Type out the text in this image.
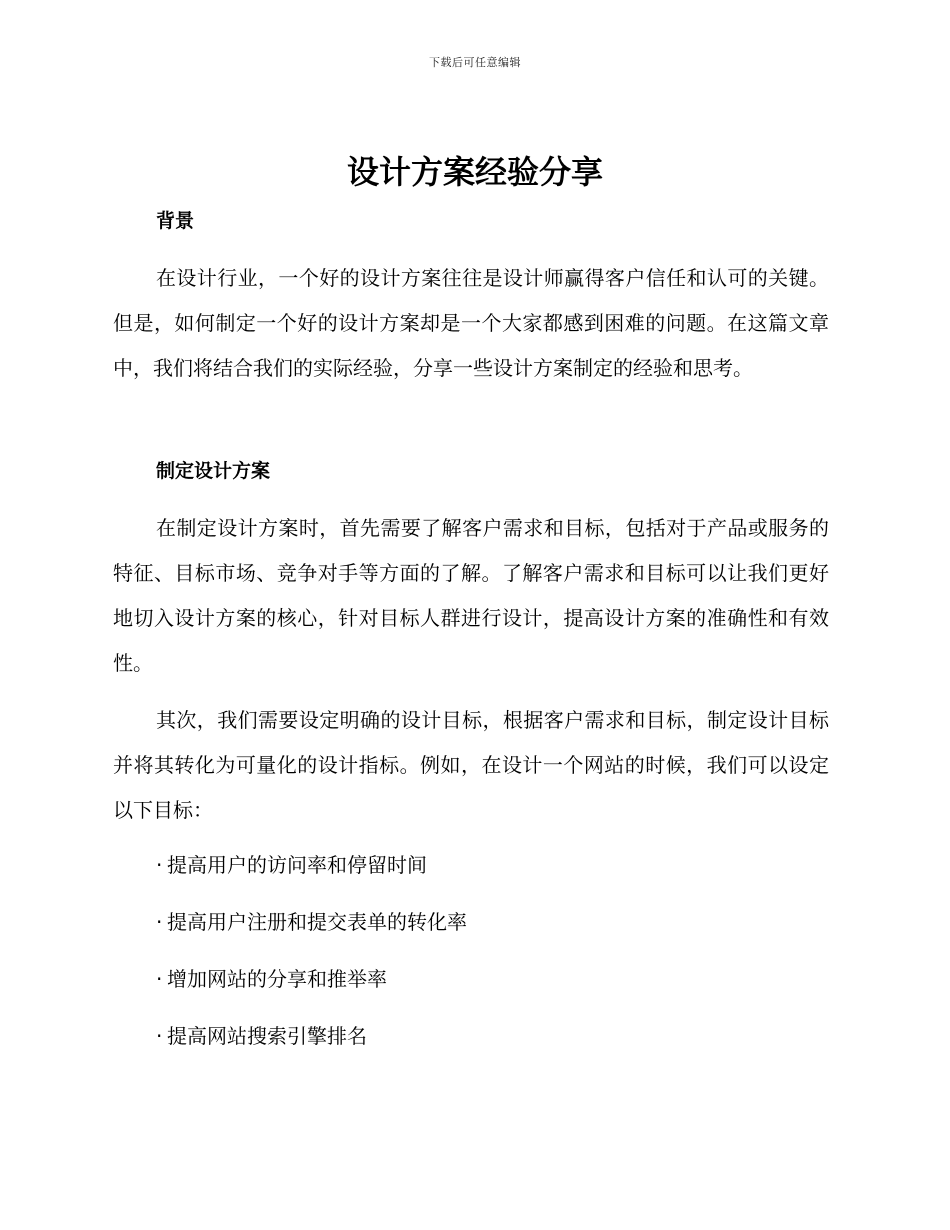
下载后可任意编辑
设计方案经验分享
背景

在设计行业，一个好的设计方案往往是设计师赢得客户信任和认可的关键。但是，如何制定一个好的设计方案却是一个大家都感到困难的问题。在这篇文章中，我们将结合我们的实际经验，分享一些设计方案制定的经验和思考。

制定设计方案

在制定设计方案时，首先需要了解客户需求和目标，包括对于产品或服务的特征、目标市场、竞争对手等方面的了解。了解客户需求和目标可以让我们更好地切入设计方案的核心，针对目标人群进行设计，提高设计方案的准确性和有效性。

其次，我们需要设定明确的设计目标，根据客户需求和目标，制定设计目标并将其转化为可量化的设计指标。例如，在设计一个网站的时候，我们可以设定以下目标：

· 提高用户的访问率和停留时间
· 提高用户注册和提交表单的转化率
· 增加网站的分享和推举率
· 提高网站搜索引擎排名
